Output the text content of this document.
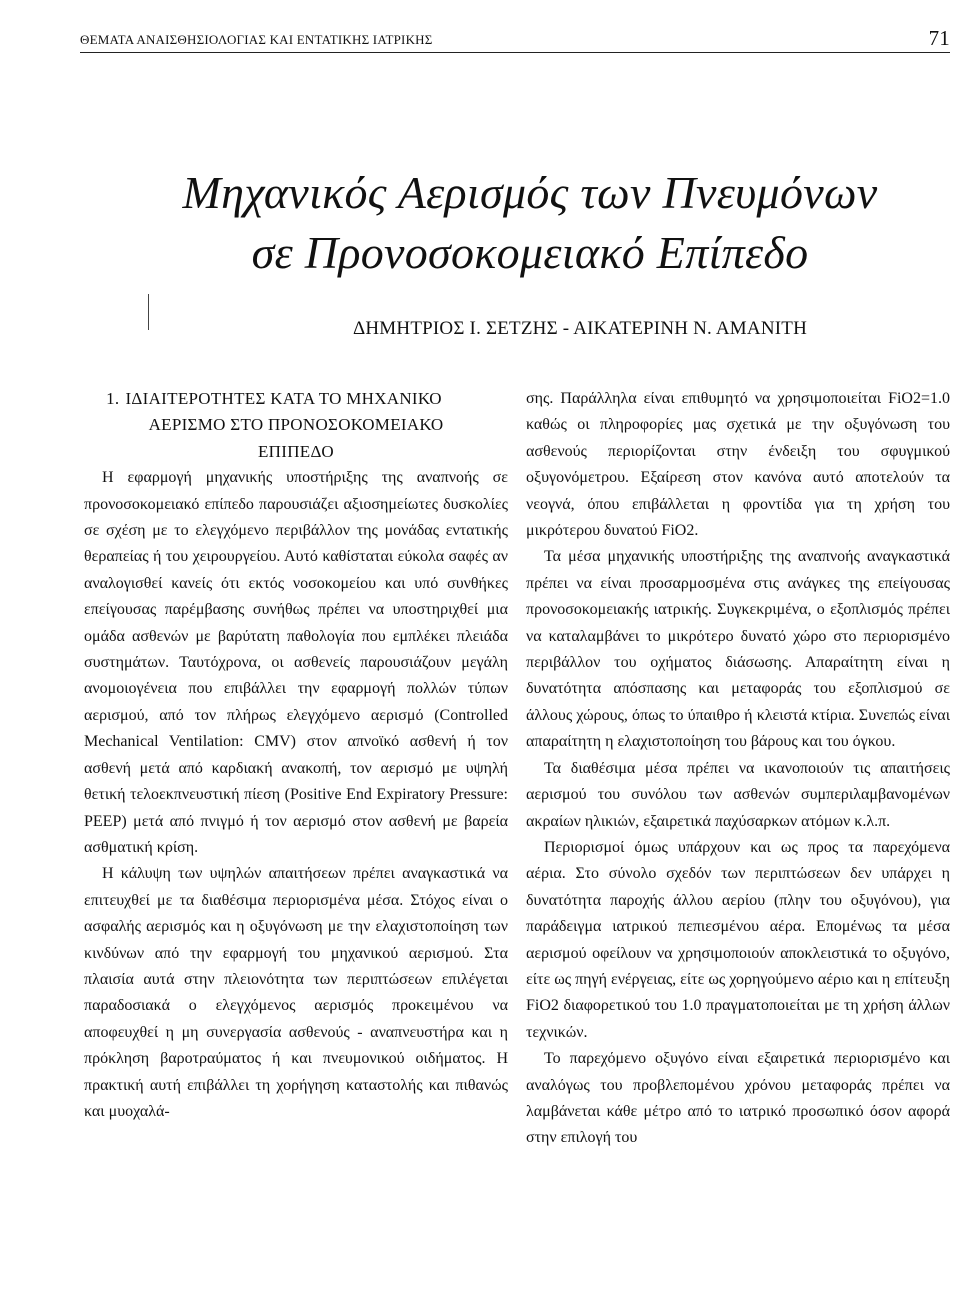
ΘΕΜΑΤΑ ΑΝΑΙΣΘΗΣΙΟΛΟΓΙΑΣ ΚΑΙ ΕΝΤΑΤΙΚΗΣ ΙΑΤΡΙΚΗΣ	71
Μηχανικός Αερισμός των Πνευμόνων
σε Προνοσοκομειακό Επίπεδο
ΔΗΜΗΤΡΙΟΣ Ι. ΣΕΤΖΗΣ - ΑΙΚΑΤΕΡΙΝΗ Ν. ΑΜΑΝΙΤΗ
1. ΙΔΙΑΙΤΕΡΟΤΗΤΕΣ ΚΑΤΑ ΤΟ ΜΗΧΑΝΙΚΟ
ΑΕΡΙΣΜΟ ΣΤΟ ΠΡΟΝΟΣΟΚΟΜΕΙΑΚΟ
ΕΠΙΠΕΔΟ

Η εφαρμογή μηχανικής υποστήριξης της αναπνοής σε προνοσοκομειακό επίπεδο παρουσιάζει αξιοσημείωτες δυσκολίες σε σχέση με το ελεγχόμενο περιβάλλον της μονάδας εντατικής θεραπείας ή του χειρουργείου. Αυτό καθίσταται εύκολα σαφές αν αναλογισθεί κανείς ότι εκτός νοσοκομείου και υπό συνθήκες επείγουσας παρέμβασης συνήθως πρέπει να υποστηριχθεί μια ομάδα ασθενών με βαρύτατη παθολογία που εμπλέκει πλειάδα συστημάτων. Ταυτόχρονα, οι ασθενείς παρουσιάζουν μεγάλη ανομοιογένεια που επιβάλλει την εφαρμογή πολλών τύπων αερισμού, από τον πλήρως ελεγχόμενο αερισμό (Controlled Mechanical Ventilation: CMV) στον απνοϊκό ασθενή ή τον ασθενή μετά από καρδιακή ανακοπή, τον αερισμό με υψηλή θετική τελοεκπνευστική πίεση (Positive End Expiratory Pressure: PEEP) μετά από πνιγμό ή τον αερισμό στον ασθενή με βαρεία ασθματική κρίση.

Η κάλυψη των υψηλών απαιτήσεων πρέπει αναγκαστικά να επιτευχθεί με τα διαθέσιμα περιορισμένα μέσα. Στόχος είναι ο ασφαλής αερισμός και η οξυγόνωση με την ελαχιστοποίηση των κινδύνων από την εφαρμογή του μηχανικού αερισμού. Στα πλαισία αυτά στην πλειονότητα των περιπτώσεων επιλέγεται παραδοσιακά ο ελεγχόμενος αερισμός προκειμένου να αποφευχθεί η μη συνεργασία ασθενούς - αναπνευστήρα και η πρόκληση βαροτραύματος ή και πνευμονικού οιδήματος. Η πρακτική αυτή επιβάλλει τη χορήγηση καταστολής και πιθανώς και μυοχαλά-

σης. Παράλληλα είναι επιθυμητό να χρησιμοποιείται FiO2=1.0 καθώς οι πληροφορίες μας σχετικά με την οξυγόνωση του ασθενούς περιορίζονται στην ένδειξη του σφυγμικού οξυγονόμετρου. Εξαίρεση στον κανόνα αυτό αποτελούν τα νεογνά, όπου επιβάλλεται η φροντίδα για τη χρήση του μικρότερου δυνατού FiO2.

Τα μέσα μηχανικής υποστήριξης της αναπνοής αναγκαστικά πρέπει να είναι προσαρμοσμένα στις ανάγκες της επείγουσας προνοσοκομειακής ιατρικής. Συγκεκριμένα, ο εξοπλισμός πρέπει να καταλαμβάνει το μικρότερο δυνατό χώρο στο περιορισμένο περιβάλλον του οχήματος διάσωσης. Απαραίτητη είναι η δυνατότητα απόσπασης και μεταφοράς του εξοπλισμού σε άλλους χώρους, όπως το ύπαιθρο ή κλειστά κτίρια. Συνεπώς είναι απαραίτητη η ελαχιστοποίηση του βάρους και του όγκου.

Τα διαθέσιμα μέσα πρέπει να ικανοποιούν τις απαιτήσεις αερισμού του συνόλου των ασθενών συμπεριλαμβανομένων ακραίων ηλικιών, εξαιρετικά παχύσαρκων ατόμων κ.λ.π.

Περιορισμοί όμως υπάρχουν και ως προς τα παρεχόμενα αέρια. Στο σύνολο σχεδόν των περιπτώσεων δεν υπάρχει η δυνατότητα παροχής άλλου αερίου (πλην του οξυγόνου), για παράδειγμα ιατρικού πεπιεσμένου αέρα. Επομένως τα μέσα αερισμού οφείλουν να χρησιμοποιούν αποκλειστικά το οξυγόνο, είτε ως πηγή ενέργειας, είτε ως χορηγούμενο αέριο και η επίτευξη FiO2 διαφορετικού του 1.0 πραγματοποιείται με τη χρήση άλλων τεχνικών.

Το παρεχόμενο οξυγόνο είναι εξαιρετικά περιορισμένο και αναλόγως του προβλεπομένου χρόνου μεταφοράς πρέπει να λαμβάνεται κάθε μέτρο από το ιατρικό προσωπικό όσον αφορά στην επιλογή του
